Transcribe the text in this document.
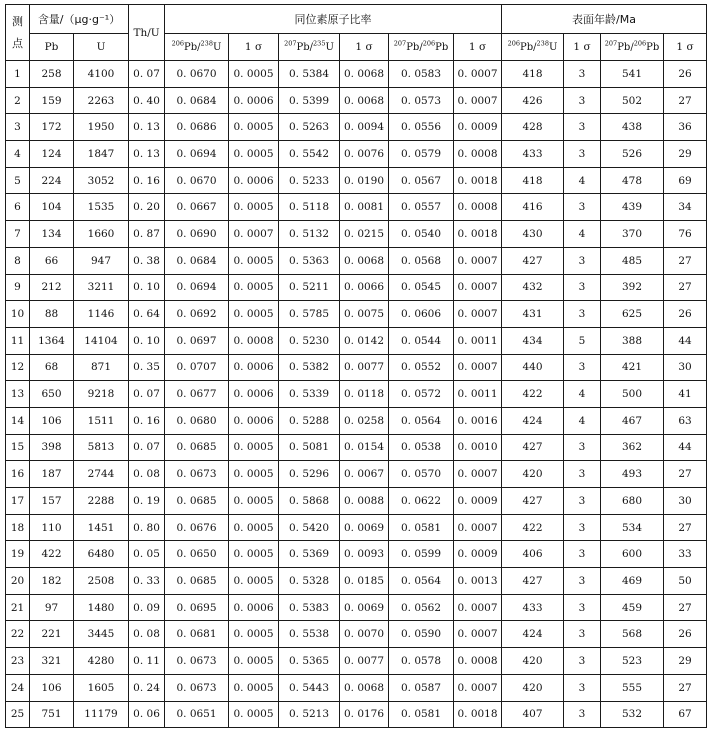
测
点	含量/（μg·g⁻¹）		Th/U	同位素原子比率						表面年龄/Ma			
	Pb	U		$^{206}$Pb/$^{238}$U	1 σ	$^{207}$Pb/$^{235}$U	1 σ	$^{207}$Pb/$^{206}$Pb	1 σ	$^{206}$Pb/$^{238}$U	1 σ	$^{207}$Pb/$^{206}$Pb	1 σ
1	258	4100	0. 07	0. 0670	0. 0005	0. 5384	0. 0068	0. 0583	0. 0007	418	3	541	26
2	159	2263	0. 40	0. 0684	0. 0006	0. 5399	0. 0068	0. 0573	0. 0007	426	3	502	27
3	172	1950	0. 13	0. 0686	0. 0005	0. 5263	0. 0094	0. 0556	0. 0009	428	3	438	36
4	124	1847	0. 13	0. 0694	0. 0005	0. 5542	0. 0076	0. 0579	0. 0008	433	3	526	29
5	224	3052	0. 16	0. 0670	0. 0006	0. 5233	0. 0190	0. 0567	0. 0018	418	4	478	69
6	104	1535	0. 20	0. 0667	0. 0005	0. 5118	0. 0081	0. 0557	0. 0008	416	3	439	34
7	134	1660	0. 87	0. 0690	0. 0007	0. 5132	0. 0215	0. 0540	0. 0018	430	4	370	76
8	66	947	0. 38	0. 0684	0. 0005	0. 5363	0. 0068	0. 0568	0. 0007	427	3	485	27
9	212	3211	0. 10	0. 0694	0. 0005	0. 5211	0. 0066	0. 0545	0. 0007	432	3	392	27
10	88	1146	0. 64	0. 0692	0. 0005	0. 5785	0. 0075	0. 0606	0. 0007	431	3	625	26
11	1364	14104	0. 10	0. 0697	0. 0008	0. 5230	0. 0142	0. 0544	0. 0011	434	5	388	44
12	68	871	0. 35	0. 0707	0. 0006	0. 5382	0. 0077	0. 0552	0. 0007	440	3	421	30
13	650	9218	0. 07	0. 0677	0. 0006	0. 5339	0. 0118	0. 0572	0. 0011	422	4	500	41
14	106	1511	0. 16	0. 0680	0. 0006	0. 5288	0. 0258	0. 0564	0. 0016	424	4	467	63
15	398	5813	0. 07	0. 0685	0. 0005	0. 5081	0. 0154	0. 0538	0. 0010	427	3	362	44
16	187	2744	0. 08	0. 0673	0. 0005	0. 5296	0. 0067	0. 0570	0. 0007	420	3	493	27
17	157	2288	0. 19	0. 0685	0. 0005	0. 5868	0. 0088	0. 0622	0. 0009	427	3	680	30
18	110	1451	0. 80	0. 0676	0. 0005	0. 5420	0. 0069	0. 0581	0. 0007	422	3	534	27
19	422	6480	0. 05	0. 0650	0. 0005	0. 5369	0. 0093	0. 0599	0. 0009	406	3	600	33
20	182	2508	0. 33	0. 0685	0. 0005	0. 5328	0. 0185	0. 0564	0. 0013	427	3	469	50
21	97	1480	0. 09	0. 0695	0. 0006	0. 5383	0. 0069	0. 0562	0. 0007	433	3	459	27
22	221	3445	0. 08	0. 0681	0. 0005	0. 5538	0. 0070	0. 0590	0. 0007	424	3	568	26
23	321	4280	0. 11	0. 0673	0. 0005	0. 5365	0. 0077	0. 0578	0. 0008	420	3	523	29
24	106	1605	0. 24	0. 0673	0. 0005	0. 5443	0. 0068	0. 0587	0. 0007	420	3	555	27
25	751	11179	0. 06	0. 0651	0. 0005	0. 5213	0. 0176	0. 0581	0. 0018	407	3	532	67
